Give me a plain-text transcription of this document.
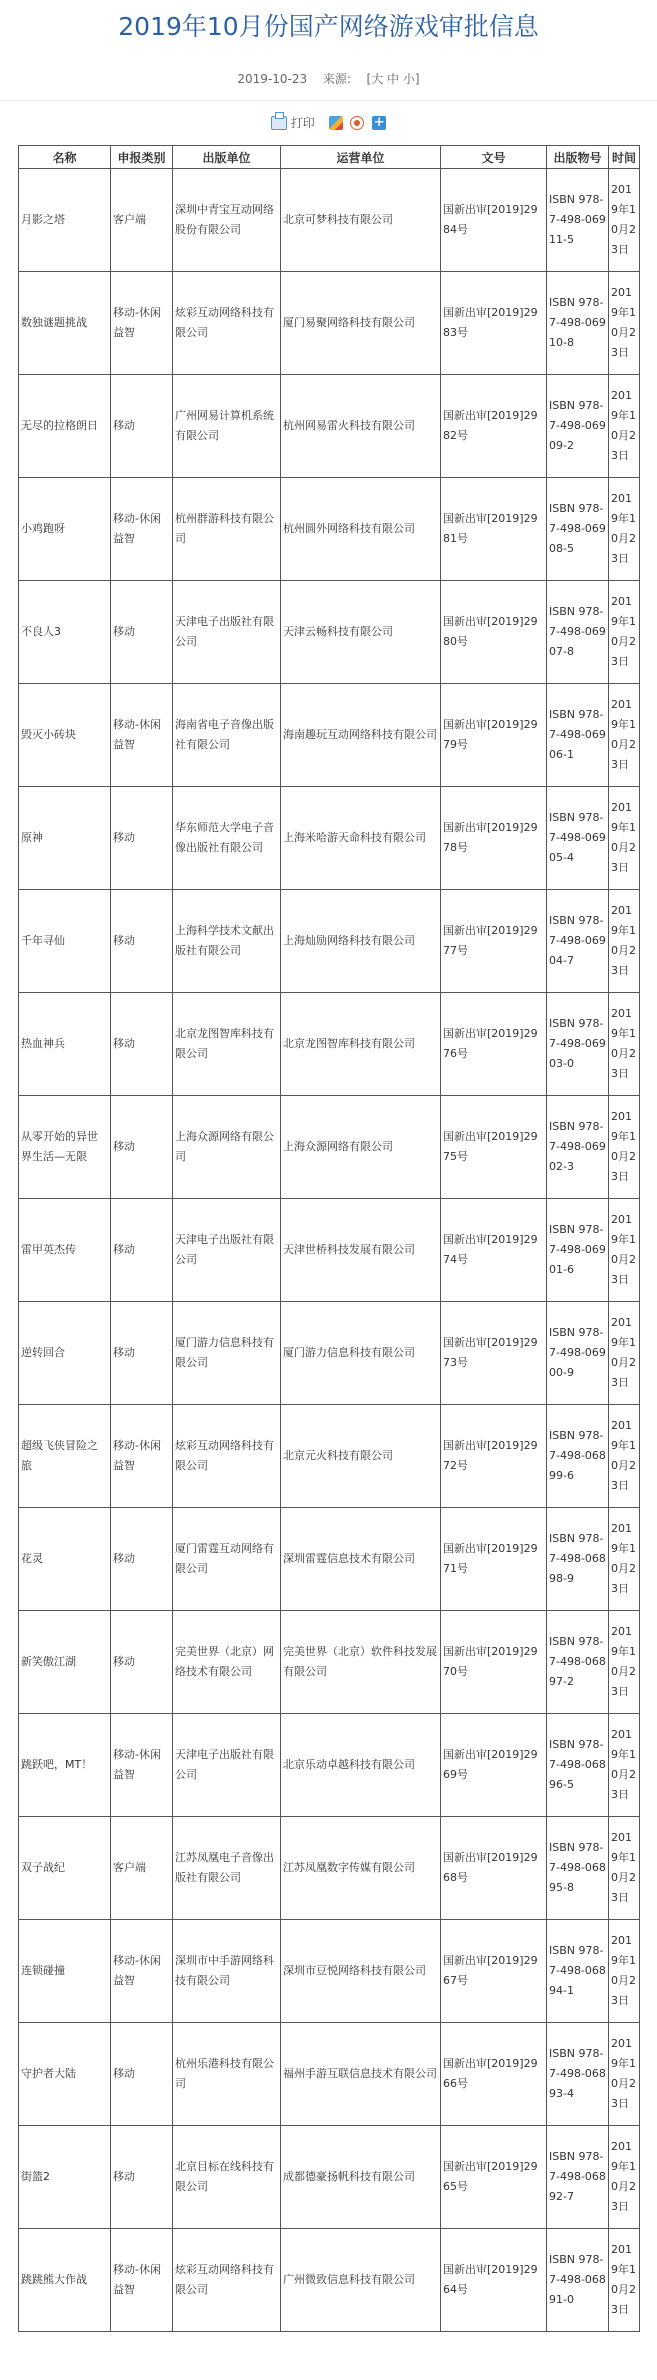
2019年10月份国产网络游戏审批信息
2019-10-23 来源: [大 中 小]
打印	+
名称	申报类别	出版单位	运营单位	文号	出版物号	时间
月影之塔	客户端	深圳中青宝互动网络股份有限公司	北京可梦科技有限公司	国新出审[2019]2984号	ISBN 978-7-498-06911-5	2019年10月23日
数独谜题挑战	移动-休闲益智	炫彩互动网络科技有限公司	厦门易聚网络科技有限公司	国新出审[2019]2983号	ISBN 978-7-498-06910-8	2019年10月23日
无尽的拉格朗日	移动	广州网易计算机系统有限公司	杭州网易雷火科技有限公司	国新出审[2019]2982号	ISBN 978-7-498-06909-2	2019年10月23日
小鸡跑呀	移动-休闲益智	杭州群游科技有限公司	杭州圆外网络科技有限公司	国新出审[2019]2981号	ISBN 978-7-498-06908-5	2019年10月23日
不良人3	移动	天津电子出版社有限公司	天津云畅科技有限公司	国新出审[2019]2980号	ISBN 978-7-498-06907-8	2019年10月23日
毁灭小砖块	移动-休闲益智	海南省电子音像出版社有限公司	海南趣玩互动网络科技有限公司	国新出审[2019]2979号	ISBN 978-7-498-06906-1	2019年10月23日
原神	移动	华东师范大学电子音像出版社有限公司	上海米哈游天命科技有限公司	国新出审[2019]2978号	ISBN 978-7-498-06905-4	2019年10月23日
千年寻仙	移动	上海科学技术文献出版社有限公司	上海灿励网络科技有限公司	国新出审[2019]2977号	ISBN 978-7-498-06904-7	2019年10月23日
热血神兵	移动	北京龙图智库科技有限公司	北京龙图智库科技有限公司	国新出审[2019]2976号	ISBN 978-7-498-06903-0	2019年10月23日
从零开始的异世界生活—无限	移动	上海众源网络有限公司	上海众源网络有限公司	国新出审[2019]2975号	ISBN 978-7-498-06902-3	2019年10月23日
雷甲英杰传	移动	天津电子出版社有限公司	天津世桥科技发展有限公司	国新出审[2019]2974号	ISBN 978-7-498-06901-6	2019年10月23日
逆转回合	移动	厦门游力信息科技有限公司	厦门游力信息科技有限公司	国新出审[2019]2973号	ISBN 978-7-498-06900-9	2019年10月23日
超级飞侠冒险之旅	移动-休闲益智	炫彩互动网络科技有限公司	北京元火科技有限公司	国新出审[2019]2972号	ISBN 978-7-498-06899-6	2019年10月23日
花灵	移动	厦门雷霆互动网络有限公司	深圳雷霆信息技术有限公司	国新出审[2019]2971号	ISBN 978-7-498-06898-9	2019年10月23日
新笑傲江湖	移动	完美世界（北京）网络技术有限公司	完美世界（北京）软件科技发展有限公司	国新出审[2019]2970号	ISBN 978-7-498-06897-2	2019年10月23日
跳跃吧，MT！	移动-休闲益智	天津电子出版社有限公司	北京乐动卓越科技有限公司	国新出审[2019]2969号	ISBN 978-7-498-06896-5	2019年10月23日
双子战纪	客户端	江苏凤凰电子音像出版社有限公司	江苏凤凰数字传媒有限公司	国新出审[2019]2968号	ISBN 978-7-498-06895-8	2019年10月23日
连锁碰撞	移动-休闲益智	深圳市中手游网络科技有限公司	深圳市豆悦网络科技有限公司	国新出审[2019]2967号	ISBN 978-7-498-06894-1	2019年10月23日
守护者大陆	移动	杭州乐港科技有限公司	福州手游互联信息技术有限公司	国新出审[2019]2966号	ISBN 978-7-498-06893-4	2019年10月23日
街篮2	移动	北京目标在线科技有限公司	成都德豪扬帆科技有限公司	国新出审[2019]2965号	ISBN 978-7-498-06892-7	2019年10月23日
跳跳熊大作战	移动-休闲益智	炫彩互动网络科技有限公司	广州微致信息科技有限公司	国新出审[2019]2964号	ISBN 978-7-498-06891-0	2019年10月23日
